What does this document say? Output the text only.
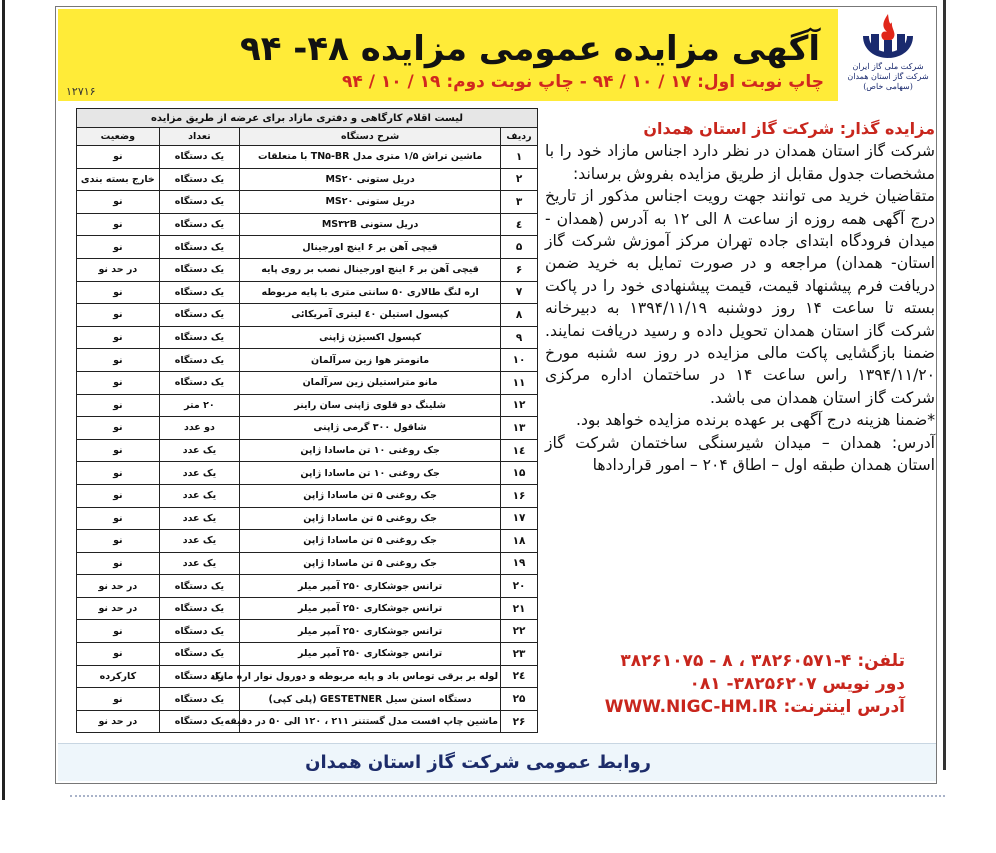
آگهی مزایده عمومی مزایده ۴۸- ۹۴
چاپ نوبت اول: ۱۷ / ۱۰ / ۹۴ - چاپ نوبت دوم: ۱۹ / ۱۰ / ۹۴
شرکت ملی گاز ایران
شرکت گاز استان همدان
(سهامی خاص)
۱۲۷۱۶
لیست اقلام کارگاهی و دفتری مازاد برای عرضه از طریق مزایده			
ردیف	شرح دستگاه	تعداد	وضعیت
۱	ماشین تراش ۱/۵ متری مدل TN۵-BR با متعلقات	یک دستگاه	نو
۲	دریل ستونی MS۲۰	یک دستگاه	خارج بسته بندی
۳	دریل ستونی MS۲۰	یک دستگاه	نو
٤	دریل ستونی MS۳۲B	یک دستگاه	نو
۵	قیچی آهن بر ۶ اینچ اورجینال	یک دستگاه	نو
۶	قیچی آهن بر ۶ اینچ اورجینال نصب بر روی پایه	یک دستگاه	در حد نو
۷	اره لنگ طالاری ۵۰ سانتی متری با پایه مربوطه	یک دستگاه	نو
۸	کپسول استیلن ٤٠ لیتری آمریکائی	یک دستگاه	نو
۹	کپسول اکسیژن ژاپنی	یک دستگاه	نو
۱۰	مانومتر هوا زین سرآلمان	یک دستگاه	نو
۱۱	مانو متراستیلن زین سرآلمان	یک دستگاه	نو
۱۲	شلینگ دو قلوی ژاپنی سان راینر	۲۰ متر	نو
۱۳	شاقول ۳۰۰ گرمی ژاپنی	دو عدد	نو
۱٤	جک روغنی ۱۰ تن ماسادا ژاپن	یک عدد	نو
۱۵	جک روغنی ۱۰ تن ماسادا ژاپن	یک عدد	نو
۱۶	جک روغنی ۵ تن ماسادا ژاپن	یک عدد	نو
۱۷	جک روغنی ۵ تن ماسادا ژاپن	یک عدد	نو
۱۸	جک روغنی ۵ تن ماسادا ژاپن	یک عدد	نو
۱۹	جک روغنی ۵ تن ماسادا ژاپن	یک عدد	نو
۲۰	ترانس جوشکاری ۲۵۰ آمپر میلر	یک دستگاه	در حد نو
۲۱	ترانس جوشکاری ۲۵۰ آمپر میلر	یک دستگاه	در حد نو
۲۲	ترانس جوشکاری ۲۵۰ آمپر میلر	یک دستگاه	نو
۲۳	ترانس جوشکاری ۲۵۰ آمپر میلر	یک دستگاه	نو
۲٤	لوله بر برقی توماس باد و پایه مربوطه و دورول نوار اره مازاد	یک دستگاه	کارکرده
۲۵	دستگاه استن سیل GESTETNER (پلی کپی)	یک دستگاه	نو
۲۶	ماشین چاپ افست مدل گستتنر ۲۱۱ ، ۱۲۰ الی ۵۰ در دقیقه	یک دستگاه	در حد نو

مزایده گذار: شرکت گاز استان همدان

شرکت گاز استان همدان در نظر دارد اجناس مازاد خود را با مشخصات جدول مقابل از طریق مزایده بفروش برساند:

متقاضیان خرید می توانند جهت رویت اجناس مذکور از تاریخ درج آگهی همه روزه از ساعت ۸ الی ۱۲ به آدرس (همدان - میدان فرودگاه ابتدای جاده تهران مرکز آموزش شرکت گاز استان- همدان) مراجعه و در صورت تمایل به خرید ضمن دریافت فرم پیشنهاد قیمت، قیمت پیشنهادی خود را در پاکت بسته تا ساعت ۱۴ روز دوشنبه ۱۳۹۴/۱۱/۱۹ به دبیرخانه شرکت گاز استان همدان تحویل داده و رسید دریافت نمایند. ضمنا بازگشایی پاکت مالی مزایده در روز سه شنبه مورخ ۱۳۹۴/۱۱/۲۰ راس ساعت ۱۴ در ساختمان اداره مرکزی شرکت گاز استان همدان می باشد.

*ضمنا هزینه درج آگهی بر عهده برنده مزایده خواهد بود.

آدرس: همدان – میدان شیرسنگی ساختمان شرکت گاز استان همدان طبقه اول – اطاق ۲۰۴ – امور قراردادها

تلفن: ۴-۳۸۲۶۰۵۷۱ ، ۸ - ۳۸۲۶۱۰۷۵
دور نویس ۳۸۲۵۶۲۰۷- ۰۸۱
آدرس اینترنت: WWW.NIGC-HM.IR
روابط عمومی شرکت گاز استان همدان
